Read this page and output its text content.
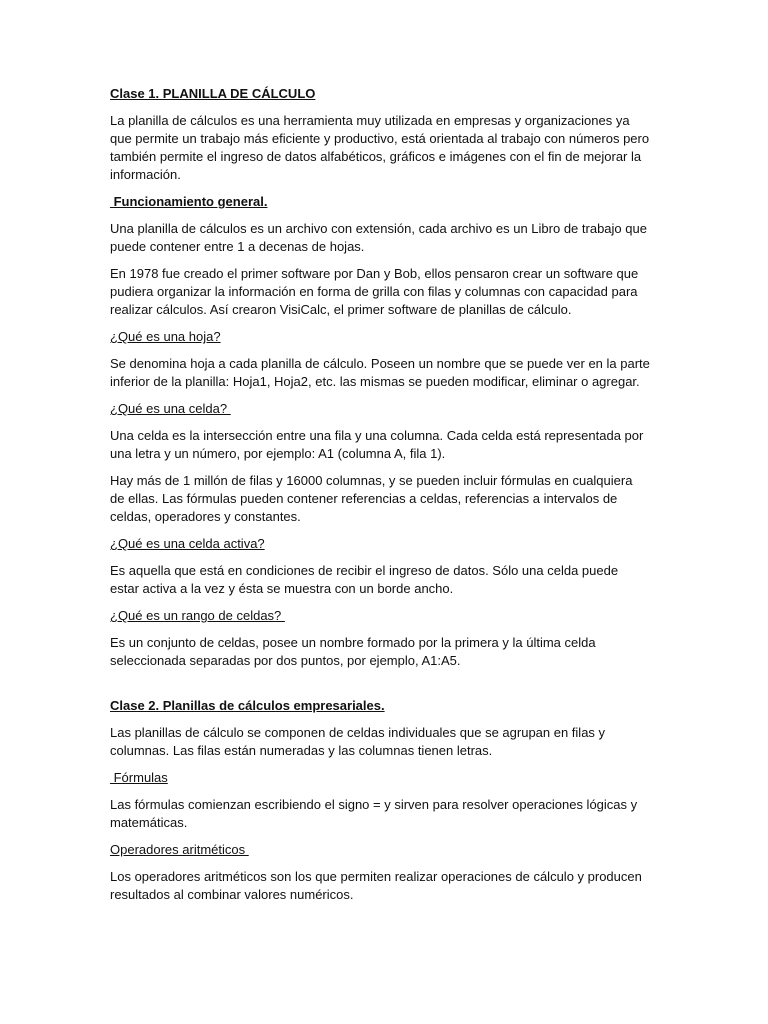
Clase 1. PLANILLA DE CÁLCULO

La planilla de cálculos es una herramienta muy utilizada en empresas y organizaciones ya que permite un trabajo más eficiente y productivo, está orientada al trabajo con números pero también permite el ingreso de datos alfabéticos, gráficos e imágenes con el fin de mejorar la información.

Funcionamiento general.

Una planilla de cálculos es un archivo con extensión, cada archivo es un Libro de trabajo que puede contener entre 1 a decenas de hojas.

En 1978 fue creado el primer software por Dan y Bob, ellos pensaron crear un software que pudiera organizar la información en forma de grilla con filas y columnas con capacidad para realizar cálculos. Así crearon VisiCalc, el primer software de planillas de cálculo.

¿Qué es una hoja?

Se denomina hoja a cada planilla de cálculo. Poseen un nombre que se puede ver en la parte inferior de la planilla: Hoja1, Hoja2, etc. las mismas se pueden modificar, eliminar o agregar.

¿Qué es una celda?

Una celda es la intersección entre una fila y una columna. Cada celda está representada por una letra y un número, por ejemplo: A1 (columna A, fila 1).

Hay más de 1 millón de filas y 16000 columnas, y se pueden incluir fórmulas en cualquiera de ellas. Las fórmulas pueden contener referencias a celdas, referencias a intervalos de celdas, operadores y constantes.

¿Qué es una celda activa?

Es aquella que está en condiciones de recibir el ingreso de datos. Sólo una celda puede estar activa a la vez y ésta se muestra con un borde ancho.

¿Qué es un rango de celdas?

Es un conjunto de celdas, posee un nombre formado por la primera y la última celda seleccionada separadas por dos puntos, por ejemplo, A1:A5.

Clase 2. Planillas de cálculos empresariales.

Las planillas de cálculo se componen de celdas individuales que se agrupan en filas y columnas. Las filas están numeradas y las columnas tienen letras.

Fórmulas

Las fórmulas comienzan escribiendo el signo = y sirven para resolver operaciones lógicas y matemáticas.

Operadores aritméticos

Los operadores aritméticos son los que permiten realizar operaciones de cálculo y producen resultados al combinar valores numéricos.
